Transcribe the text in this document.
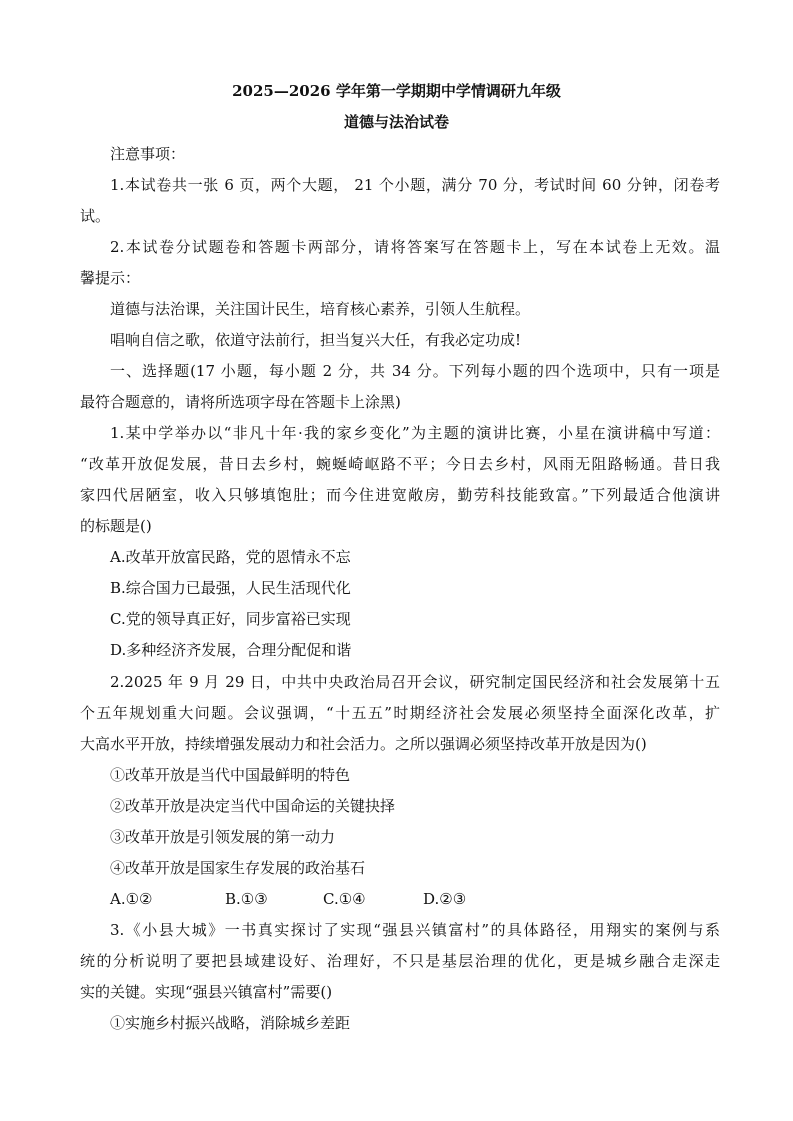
2025—2026 学年第一学期期中学情调研九年级
道德与法治试卷
注意事项：
1.本试卷共一张 6 页，两个大题， 21 个小题，满分 70 分，考试时间 60 分钟，闭卷考
试。
2.本试卷分试题卷和答题卡两部分，请将答案写在答题卡上，写在本试卷上无效。温
馨提示：
道德与法治课，关注国计民生，培育核心素养，引领人生航程。
唱响自信之歌，依道守法前行，担当复兴大任，有我必定功成!
一、选择题(17 小题，每小题 2 分，共 34 分。下列每小题的四个选项中，只有一项是
最符合题意的，请将所选项字母在答题卡上涂黑)
1.某中学举办以“非凡十年·我的家乡变化”为主题的演讲比赛，小星在演讲稿中写道：
“改革开放促发展，昔日去乡村，蜿蜒崎岖路不平；今日去乡村，风雨无阻路畅通。昔日我
家四代居陋室，收入只够填饱肚；而今住进宽敞房，勤劳科技能致富。”下列最适合他演讲
的标题是()
A.改革开放富民路，党的恩情永不忘
B.综合国力已最强，人民生活现代化
C.党的领导真正好，同步富裕已实现
D.多种经济齐发展，合理分配促和谐
2.2025 年 9 月 29 日，中共中央政治局召开会议，研究制定国民经济和社会发展第十五
个五年规划重大问题。会议强调，“十五五”时期经济社会发展必须坚持全面深化改革，扩
大高水平开放，持续增强发展动力和社会活力。之所以强调必须坚持改革开放是因为()
①改革开放是当代中国最鲜明的特色
②改革开放是决定当代中国命运的关键抉择
③改革开放是引领发展的第一动力
④改革开放是国家生存发展的政治基石
A.①②	B.①③	C.①④	D.②③
3.《小县大城》一书真实探讨了实现“强县兴镇富村”的具体路径，用翔实的案例与系
统的分析说明了要把县域建设好、治理好，不只是基层治理的优化，更是城乡融合走深走
实的关键。实现“强县兴镇富村”需要()
①实施乡村振兴战略，消除城乡差距
